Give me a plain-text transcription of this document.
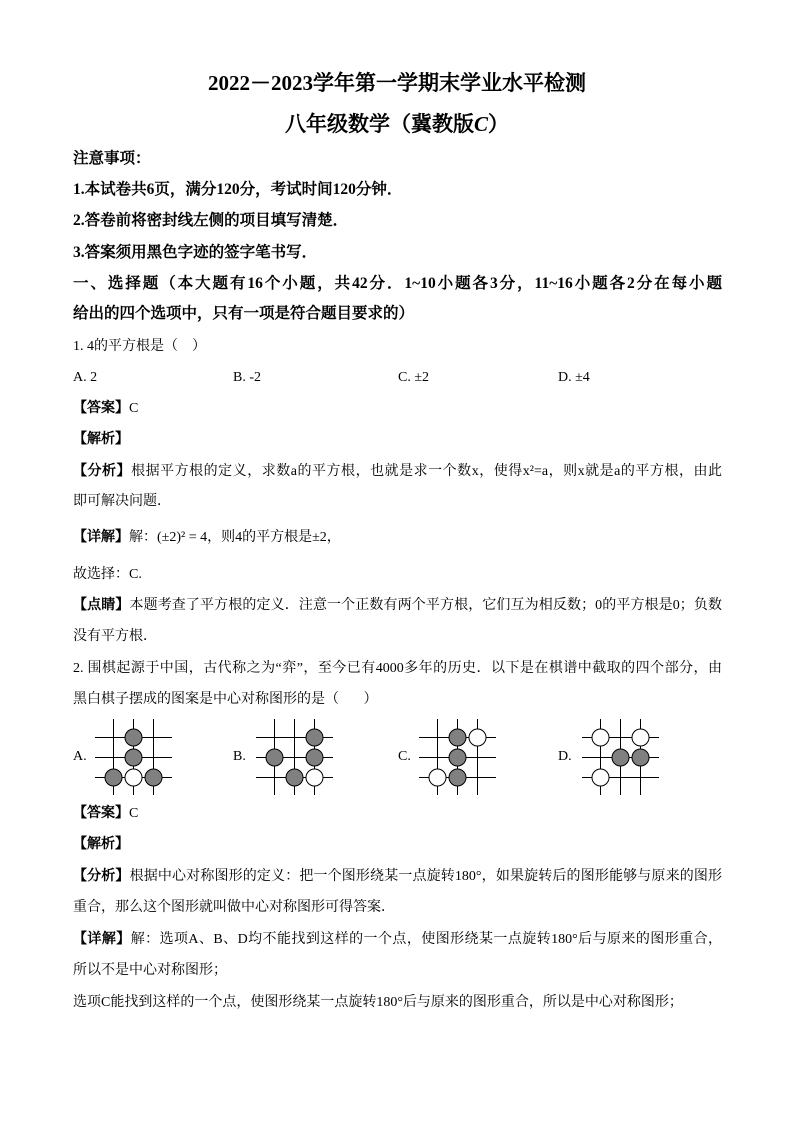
2022－2023学年第一学期末学业水平检测
八年级数学（冀教版C）
注意事项：
1.本试卷共6页，满分120分，考试时间120分钟．
2.答卷前将密封线左侧的项目填写清楚．
3.答案须用黑色字迹的签字笔书写．
一、选择题（本大题有16个小题，共42分．1~10小题各3分，11~16小题各2分在每小题
给出的四个选项中，只有一项是符合题目要求的）
1. 4的平方根是（    ）
A. 2	B. -2	C. ±2	D. ±4
【答案】C
【解析】
【分析】根据平方根的定义，求数a的平方根，也就是求一个数x，使得x²=a，则x就是a的平方根，由此
即可解决问题．
【详解】解：(±2)² = 4，则4的平方根是±2，
故选择：C.
【点睛】本题考查了平方根的定义．注意一个正数有两个平方根，它们互为相反数；0的平方根是0；负数
没有平方根．
2. 围棋起源于中国，古代称之为“弈”，至今已有4000多年的历史．以下是在棋谱中截取的四个部分，由
黑白棋子摆成的图案是中心对称图形的是（       ）
A.	B.	C.	D.
【答案】C
【解析】
【分析】根据中心对称图形的定义：把一个图形绕某一点旋转180°，如果旋转后的图形能够与原来的图形
重合，那么这个图形就叫做中心对称图形可得答案．
【详解】解：选项A、B、D均不能找到这样的一个点，使图形绕某一点旋转180°后与原来的图形重合，
所以不是中心对称图形；
选项C能找到这样的一个点，使图形绕某一点旋转180°后与原来的图形重合，所以是中心对称图形；
